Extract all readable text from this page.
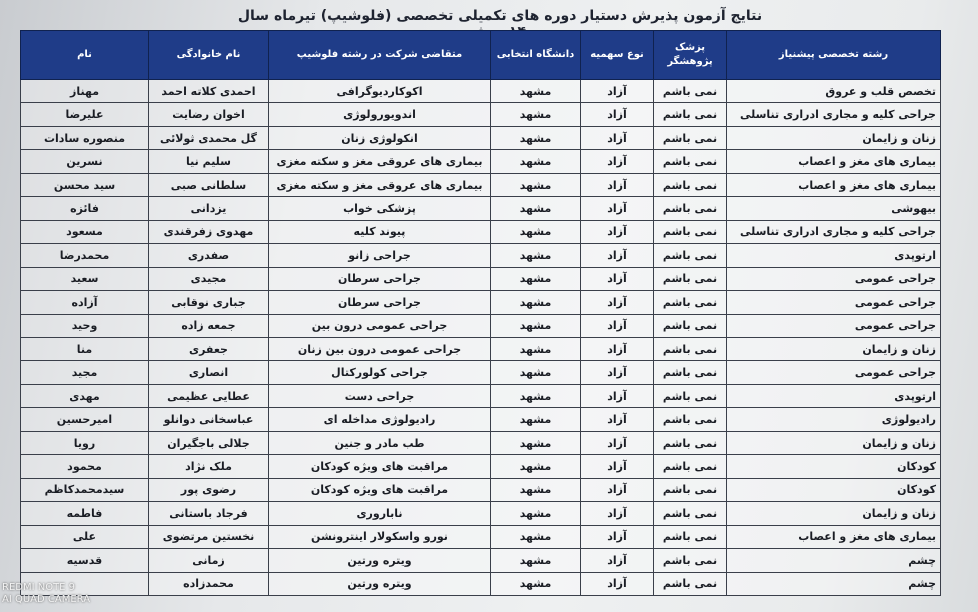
نتایج آزمون پذیرش دستیار دوره های تکمیلی تخصصی (فلوشیپ) تیرماه سال
رشته تخصصی پیشنیاز	پزشک پژوهشگر	نوع سهمیه	دانشگاه انتخابی	متقاضی شرکت در رشته فلوشیپ	نام خانوادگی	نام
تخصص قلب و عروق	نمی باشم	آزاد	مشهد	اکوکاردیوگرافی	احمدی کلاته احمد	مهناز
جراحی کلیه و مجاری ادراری تناسلی	نمی باشم	آزاد	مشهد	اندویورولوژی	اخوان رضایت	علیرضا
زنان و زایمان	نمی باشم	آزاد	مشهد	انکولوژی زنان	گل محمدی ثولائی	منصوره سادات
بیماری های مغز و اعصاب	نمی باشم	آزاد	مشهد	بیماری های عروقی مغز و سکته مغزی	سلیم نیا	نسرین
بیماری های مغز و اعصاب	نمی باشم	آزاد	مشهد	بیماری های عروقی مغز و سکته مغزی	سلطانی صبی	سید محسن
بیهوشی	نمی باشم	آزاد	مشهد	پزشکی خواب	یزدانی	فائزه
جراحی کلیه و مجاری ادراری تناسلی	نمی باشم	آزاد	مشهد	پیوند کلیه	مهدوی زفرقندی	مسعود
ارتوپدی	نمی باشم	آزاد	مشهد	جراحی زانو	صفدری	محمدرضا
جراحی عمومی	نمی باشم	آزاد	مشهد	جراحی سرطان	مجیدی	سعید
جراحی عمومی	نمی باشم	آزاد	مشهد	جراحی سرطان	جباری نوقابی	آزاده
جراحی عمومی	نمی باشم	آزاد	مشهد	جراحی عمومی درون بین	جمعه زاده	وحید
زنان و زایمان	نمی باشم	آزاد	مشهد	جراحی عمومی درون بین زنان	جعفری	منا
جراحی عمومی	نمی باشم	آزاد	مشهد	جراحی کولورکتال	انصاری	مجید
ارتوپدی	نمی باشم	آزاد	مشهد	جراحی دست	عطایی عظیمی	مهدی
رادیولوژی	نمی باشم	آزاد	مشهد	رادیولوژی مداخله ای	عباسخانی دوانلو	امیرحسین
زنان و زایمان	نمی باشم	آزاد	مشهد	طب مادر و جنین	جلالی باجگیران	رویا
کودکان	نمی باشم	آزاد	مشهد	مراقبت های ویژه کودکان	ملک نژاد	محمود
کودکان	نمی باشم	آزاد	مشهد	مراقبت های ویژه کودکان	رضوی پور	سیدمحمدکاظم
زنان و زایمان	نمی باشم	آزاد	مشهد	ناباروری	فرجاد باستانی	فاطمه
بیماری های مغز و اعصاب	نمی باشم	آزاد	مشهد	نورو واسکولار اینترونشن	نخستین مرتضوی	علی
چشم	نمی باشم	آزاد	مشهد	ویتره ورتین	زمانی	قدسیه
چشم	نمی باشم	آزاد	مشهد	ویتره ورتین	محمدزاده	
REDMI NOTE 9
AI QUAD CAMERA
